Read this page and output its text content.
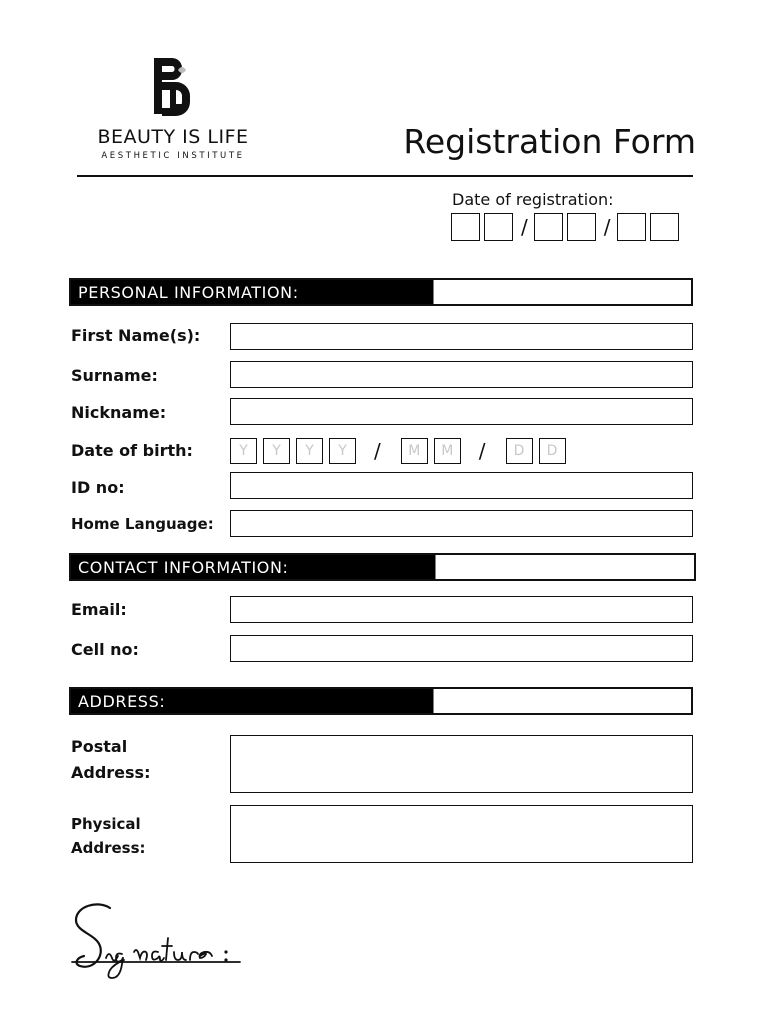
BEAUTY IS LIFE
AESTHETIC INSTITUTE	Registration Form
Date of registration:
/	/
PERSONAL INFORMATION:
First Name(s):
Surname:
Nickname:
Date of birth:	Y	Y	Y	Y	/	M	M	/	D	D
ID no:
Home Language:
CONTACT INFORMATION:
Email:
Cell no:
ADDRESS:
Postal
Address:
Physical
Address:
